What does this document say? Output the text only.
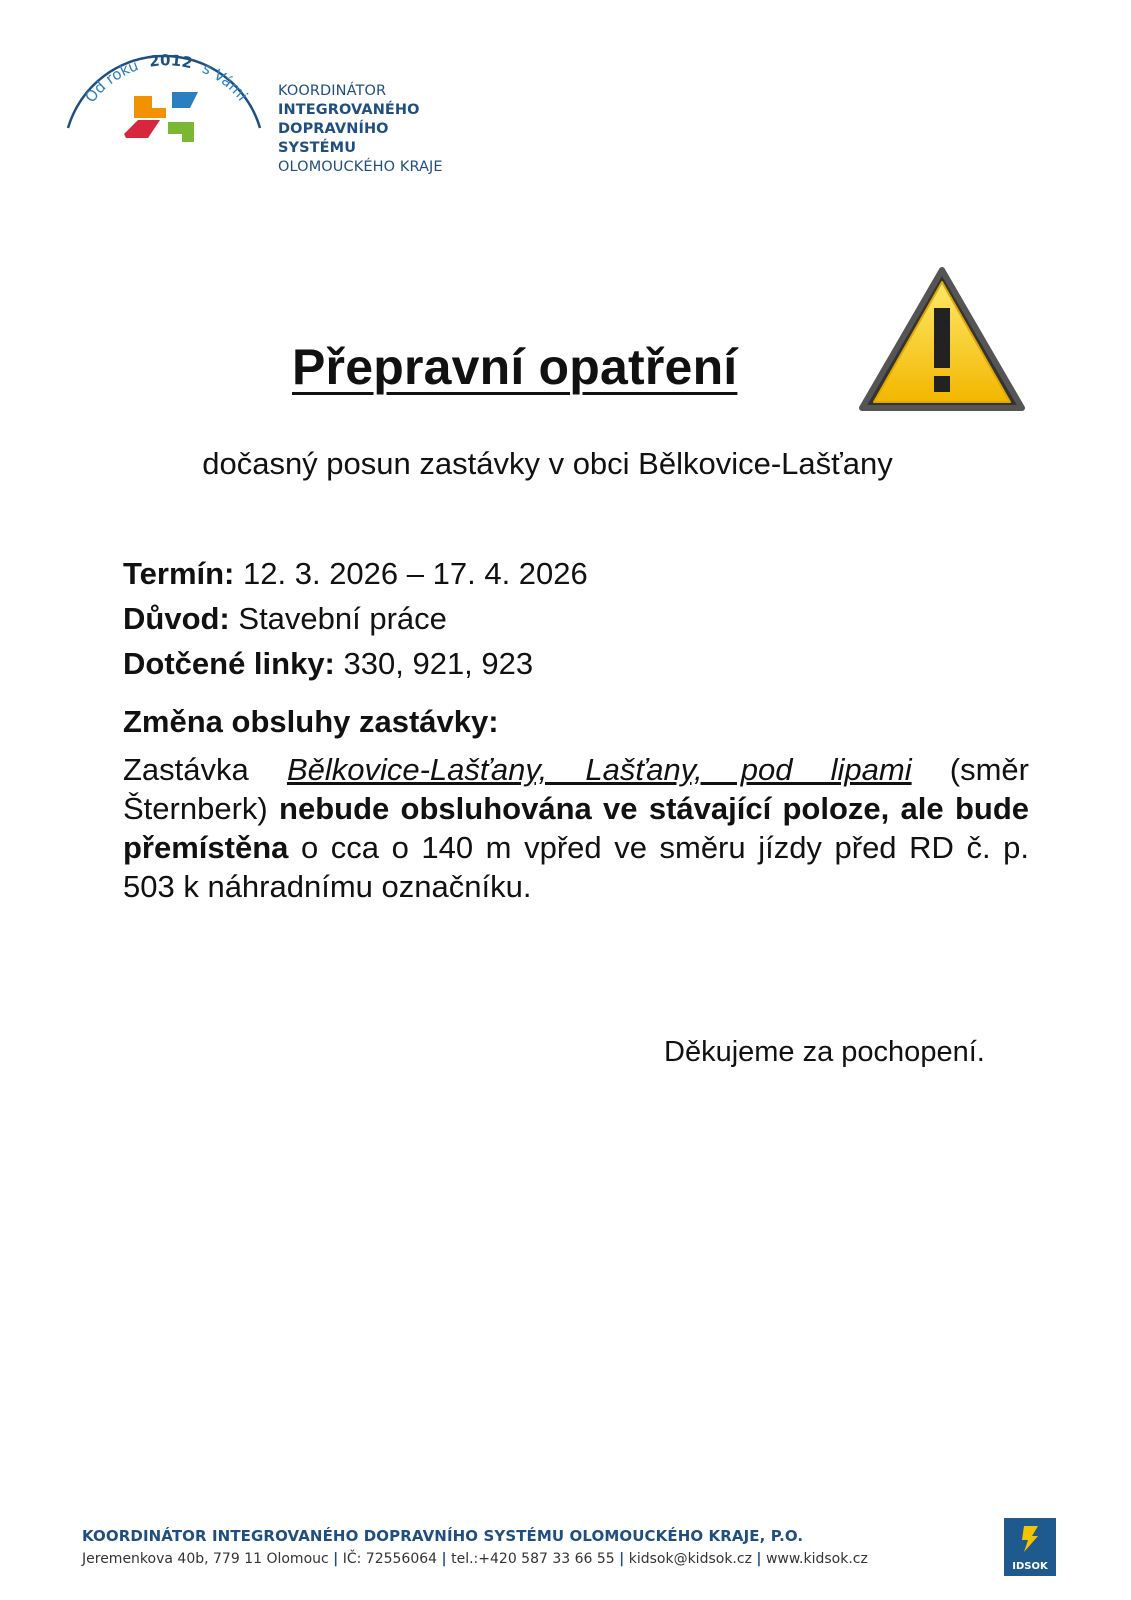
Od roku 2012 s Vámi KOORDINÁTOR
INTEGROVANÉHO
DOPRAVNÍHO SYSTÉMU
OLOMOUCKÉHO KRAJE
Přepravní opatření
dočasný posun zastávky v obci Bělkovice-Lašťany
Termín: 12. 3. 2026 – 17. 4. 2026
Důvod: Stavební práce
Dotčené linky: 330, 921, 923
Změna obsluhy zastávky:
Zastávka Bělkovice-Lašťany, Lašťany, pod lipami (směr Šternberk) nebude obsluhována ve stávající poloze, ale bude přemístěna o cca o 140 m vpřed ve směru jízdy před RD č. p. 503 k náhradnímu označníku.
Děkujeme za pochopení.
KOORDINÁTOR INTEGROVANÉHO DOPRAVNÍHO SYSTÉMU OLOMOUCKÉHO KRAJE, P.O.
Jeremenkova 40b, 779 11 Olomouc | IČ: 72556064 | tel.:+420 587 33 66 55 | kidsok@kidsok.cz | www.kidsok.cz	IDSOK
